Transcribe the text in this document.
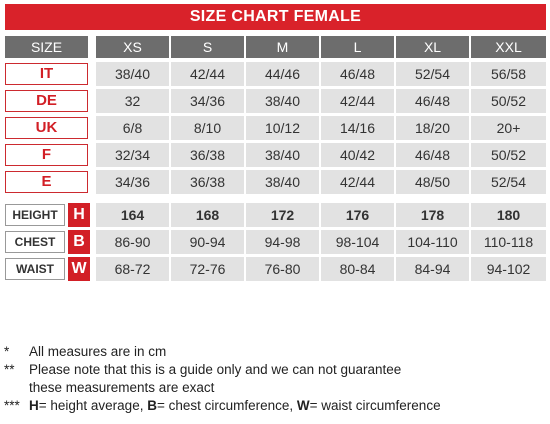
SIZE CHART FEMALE
SIZE	XS	S	M	L	XL	XXL
IT	38/40	42/44	44/46	46/48	52/54	56/58
DE	32	34/36	38/40	42/44	46/48	50/52
UK	6/8	8/10	10/12	14/16	18/20	20+
F	32/34	36/38	38/40	40/42	46/48	50/52
E	34/36	36/38	38/40	42/44	48/50	52/54
HEIGHT H	164	168	172	176	178	180
CHEST	B	86-90	90-94	94-98	98-104	104-110	110-118
WAIST	W	68-72	72-76	76-80	80-84	84-94	94-102
*	All measures are in cm
**	Please note that this is a guide only and we can not guarantee
these measurements are exact
*** H= height average, B= chest circumference, W= waist circumference
